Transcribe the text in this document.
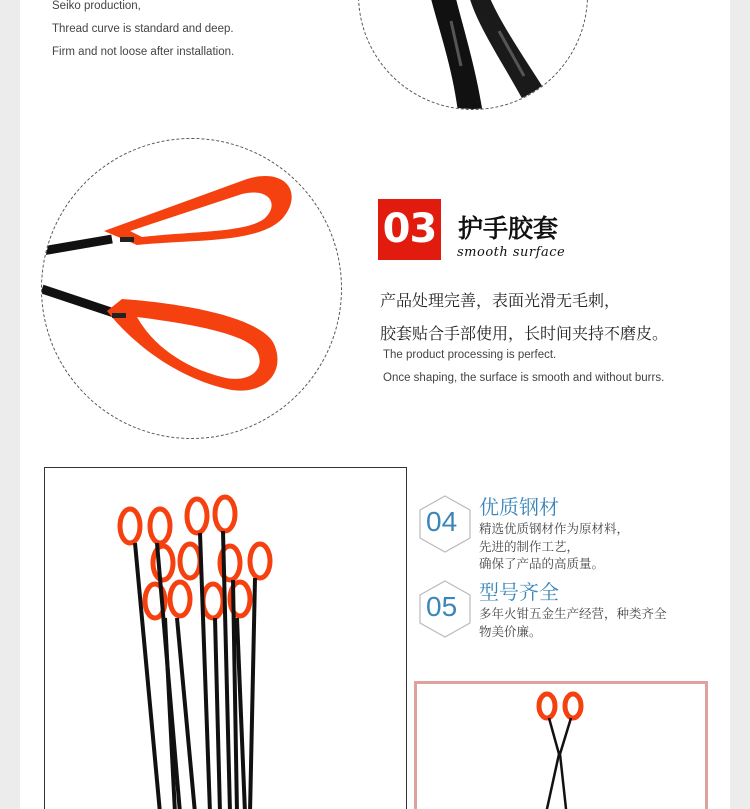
Seiko production,
Thread curve is standard and deep.
Firm and not loose after installation.
03 护手胶套
smooth surface
产品处理完善，表面光滑无毛刺，
胶套贴合手部使用，长时间夹持不磨皮。
The product processing is perfect.
Once shaping, the surface is smooth and without burrs.
04 优质钢材
精选优质钢材作为原材料，
先进的制作工艺，
确保了产品的高质量。
05 型号齐全
多年火钳五金生产经营，种类齐全
物美价廉。
